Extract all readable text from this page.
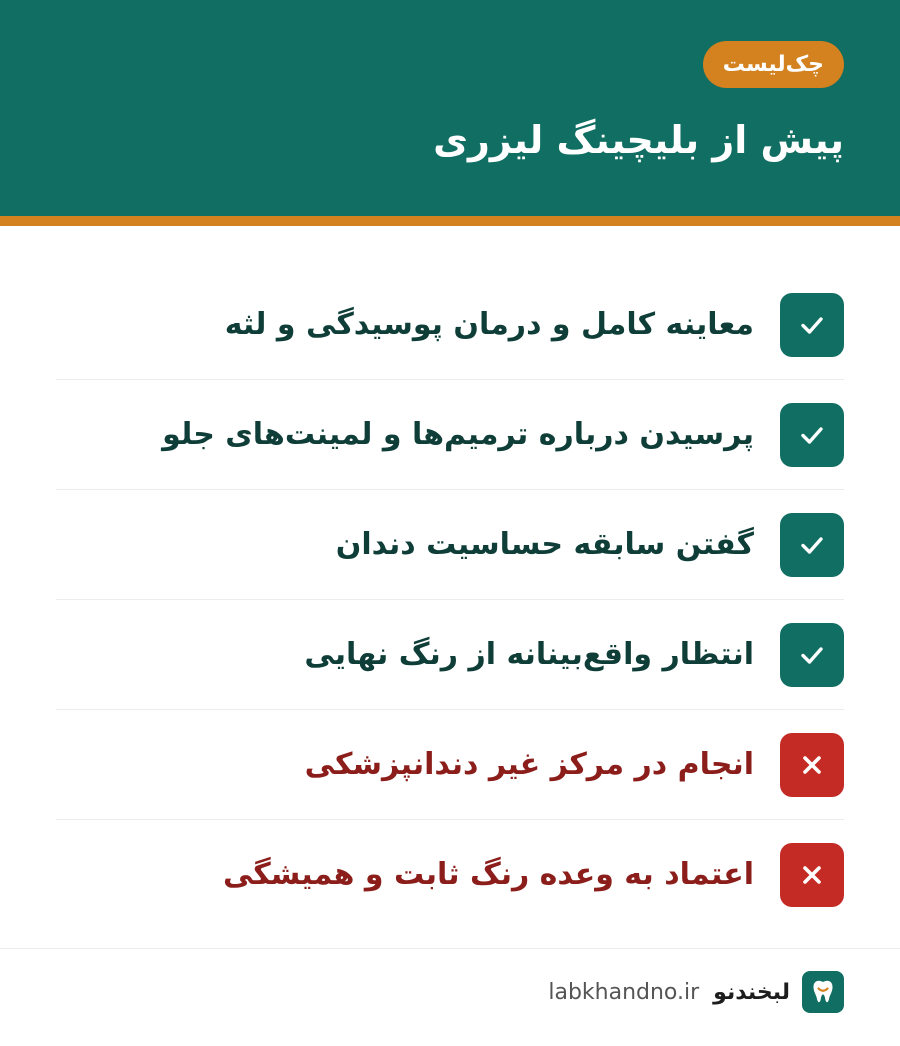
چک‌لیست
پیش از بلیچینگ لیزری
معاینه کامل و درمان پوسیدگی و لثه
پرسیدن درباره ترمیم‌ها و لمینت‌های جلو
گفتن سابقه حساسیت دندان
انتظار واقع‌بینانه از رنگ نهایی
انجام در مرکز غیر دندانپزشکی
اعتماد به وعده رنگ ثابت و همیشگی
لبخندنو
labkhandno.ir
